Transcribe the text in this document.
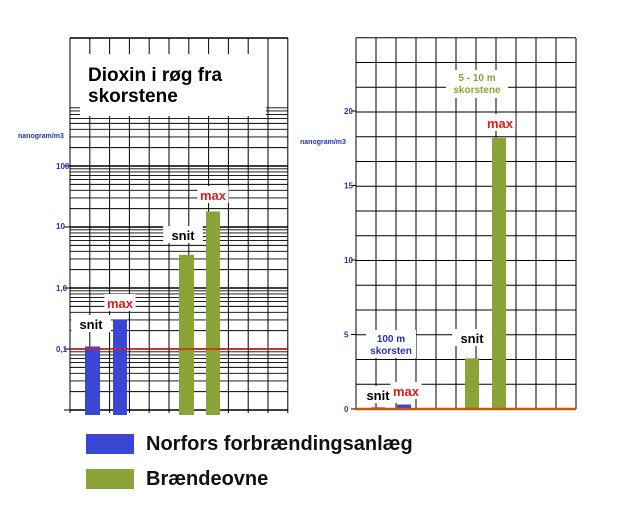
Dioxin i røg fra
skorstene
nanogram/m3
0,1
1,0
10
100
snit
max
snit
max
nanogram/m3
0
5
10
15
20
snit max
snit
max
100 m
skorsten
5 - 10 m
skorstene
Norfors forbrændingsanlæg
Brændeovne
